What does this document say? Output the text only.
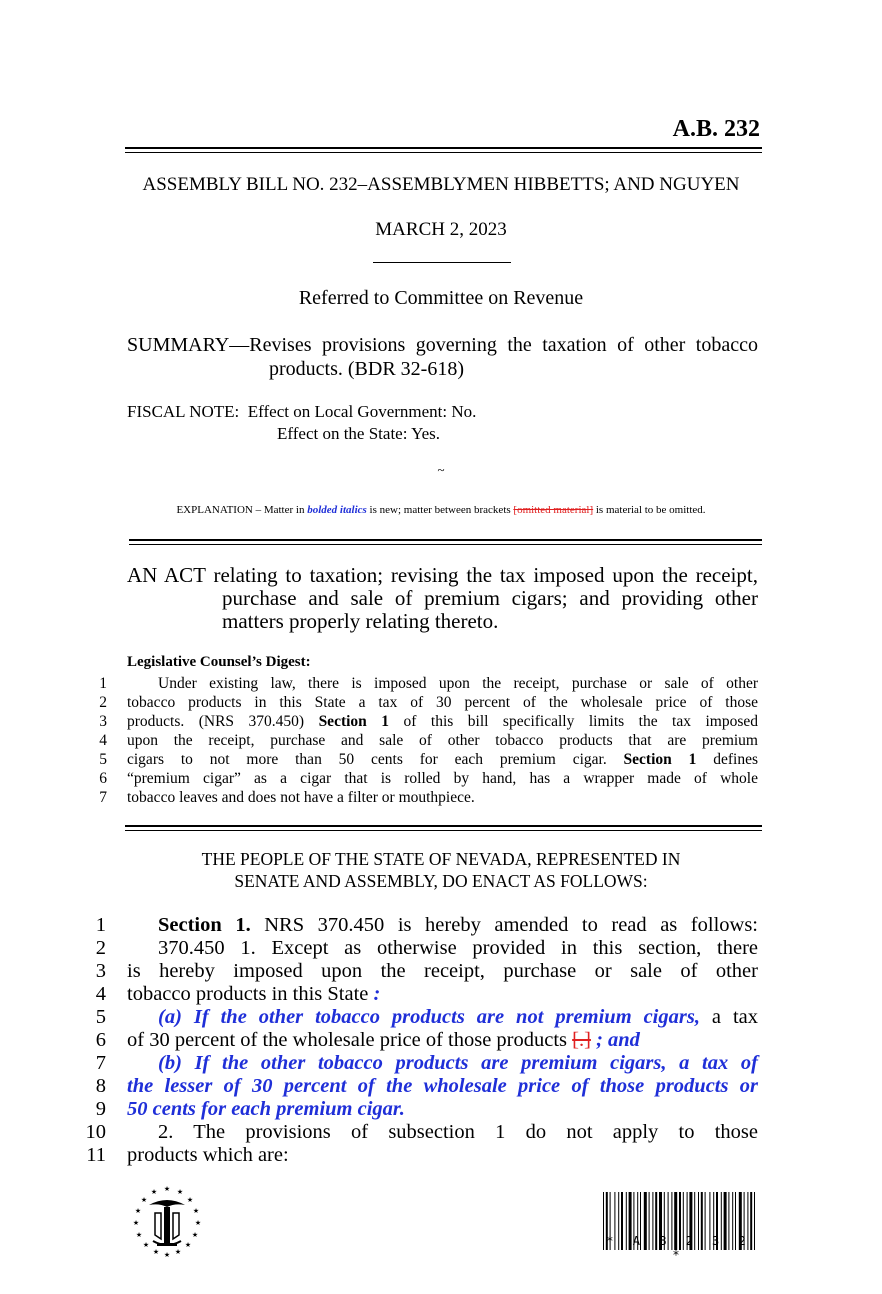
A.B. 232
ASSEMBLY BILL NO. 232–ASSEMBLYMEN HIBBETTS; AND NGUYEN
MARCH 2, 2023
Referred to Committee on Revenue
SUMMARY—Revises provisions governing the taxation of other tobacco products. (BDR 32-618)
FISCAL NOTE: Effect on Local Government: No.
Effect on the State: Yes.
~
EXPLANATION – Matter in bolded italics is new; matter between brackets [omitted material] is material to be omitted.
AN ACT relating to taxation; revising the tax imposed upon the receipt, purchase and sale of premium cigars; and providing other matters properly relating thereto.
Legislative Counsel’s Digest:
1	Under existing law, there is imposed upon the receipt, purchase or sale of other
2 tobacco products in this State a tax of 30 percent of the wholesale price of those
3 products. (NRS 370.450) Section 1 of this bill specifically limits the tax imposed
4 upon the receipt, purchase and sale of other tobacco products that are premium
5 cigars to not more than 50 cents for each premium cigar. Section 1 defines
6 “premium cigar” as a cigar that is rolled by hand, has a wrapper made of whole
7 tobacco leaves and does not have a filter or mouthpiece.
THE PEOPLE OF THE STATE OF NEVADA, REPRESENTED IN
SENATE AND ASSEMBLY, DO ENACT AS FOLLOWS:
1	Section 1. NRS 370.450 is hereby amended to read as follows:
2	370.450 1. Except as otherwise provided in this section, there
3 is hereby imposed upon the receipt, purchase or sale of other
4 tobacco products in this State :
5	(a) If the other tobacco products are not premium cigars, a tax
6 of 30 percent of the wholesale price of those products [.] ; and
7	(b) If the other tobacco products are premium cigars, a tax of
8 the lesser of 30 percent of the wholesale price of those products or
9 50 cents for each premium cigar.
10	2. The provisions of subsection 1 do not apply to those
11 products which are:
★
★	★
★	★
★	★
★	★
★	★
★	★
★ ★
★
* A B 2 3 2 *
